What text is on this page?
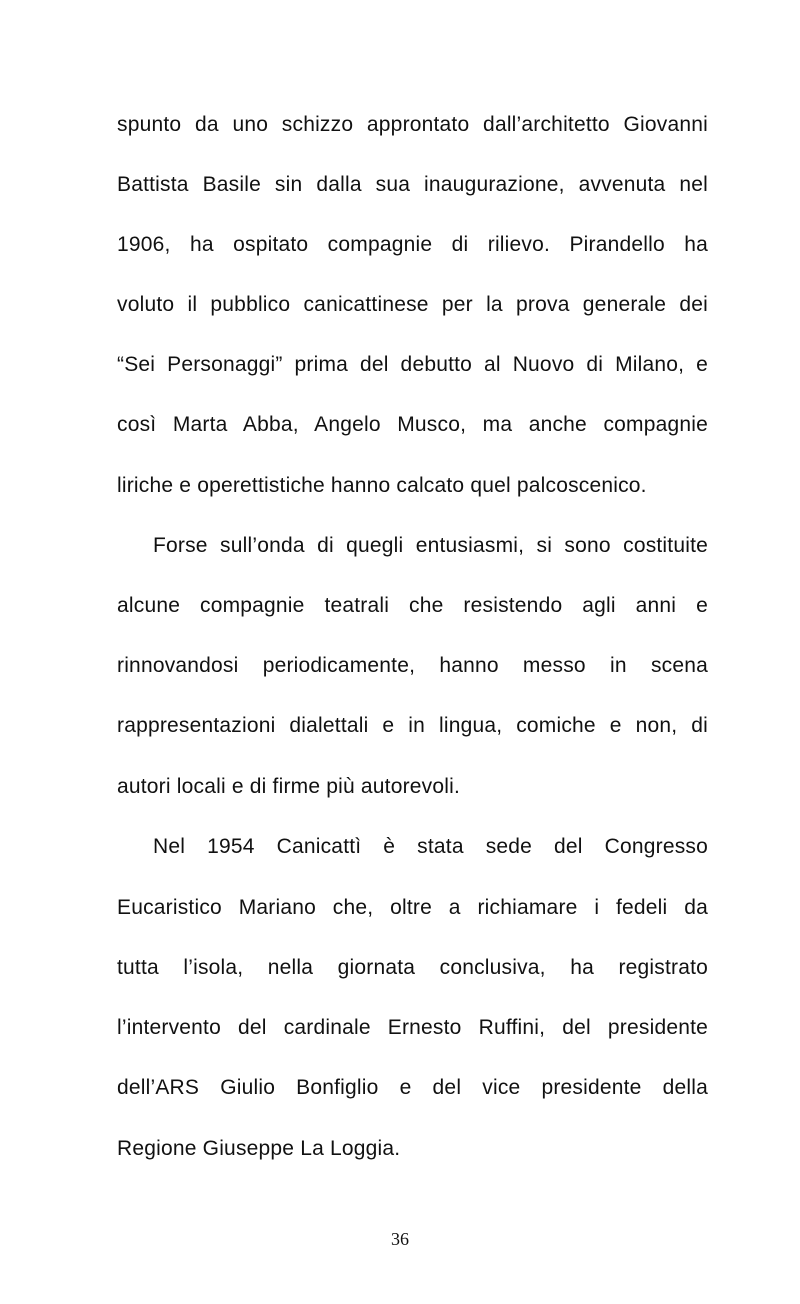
spunto da uno schizzo approntato dall’architetto Giovanni
Battista Basile sin dalla sua inaugurazione, avvenuta nel
1906, ha ospitato compagnie di rilievo. Pirandello ha
voluto il pubblico canicattinese per la prova generale dei
“Sei Personaggi” prima del debutto al Nuovo di Milano, e
così Marta Abba, Angelo Musco, ma anche compagnie
liriche e operettistiche hanno calcato quel palcoscenico.
Forse sull’onda di quegli entusiasmi, si sono costituite
alcune compagnie teatrali che resistendo agli anni e
rinnovandosi periodicamente, hanno messo in scena
rappresentazioni dialettali e in lingua, comiche e non, di
autori locali e di firme più autorevoli.
Nel 1954 Canicattì è stata sede del Congresso
Eucaristico Mariano che, oltre a richiamare i fedeli da
tutta l’isola, nella giornata conclusiva, ha registrato
l’intervento del cardinale Ernesto Ruffini, del presidente
dell’ARS Giulio Bonfiglio e del vice presidente della
Regione Giuseppe La Loggia.
36
